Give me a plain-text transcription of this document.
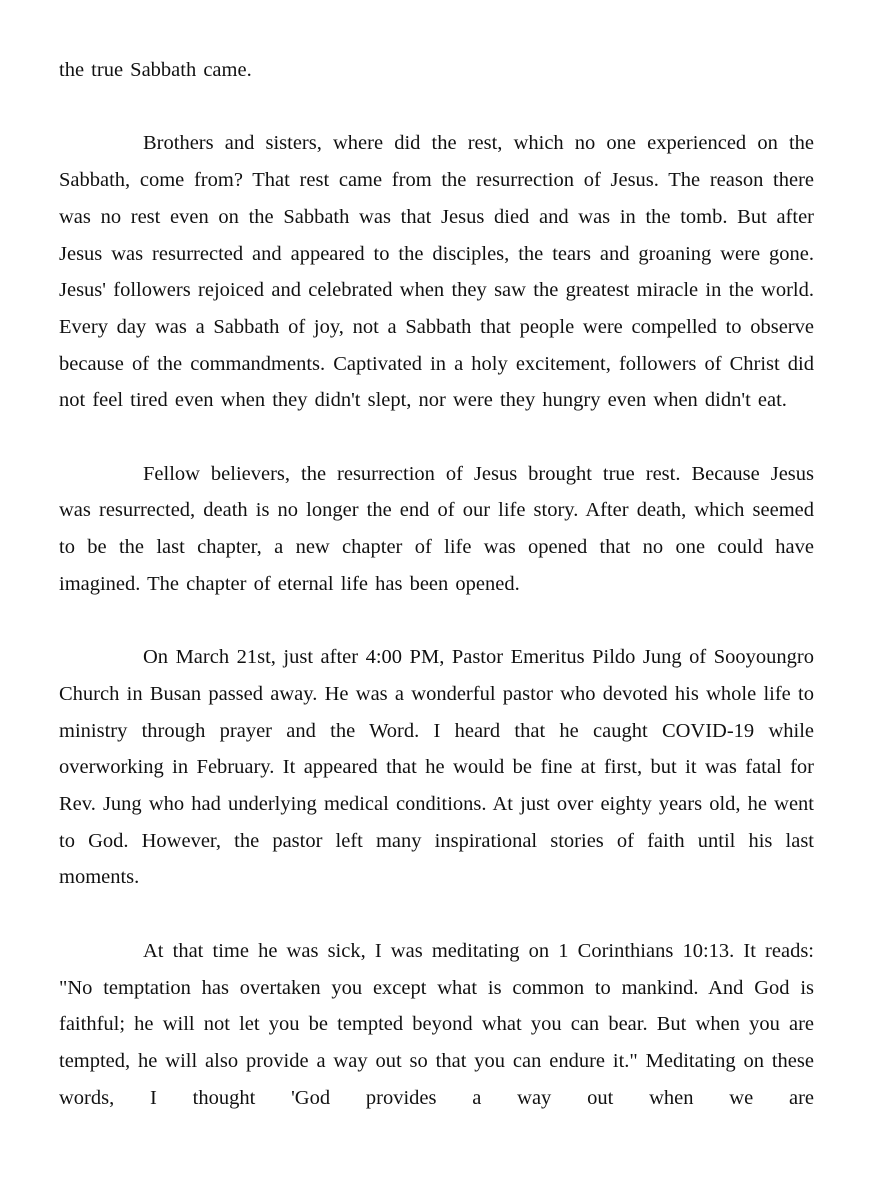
the true Sabbath came.

Brothers and sisters, where did the rest, which no one experienced on the Sabbath, come from? That rest came from the resurrection of Jesus. The reason there was no rest even on the Sabbath was that Jesus died and was in the tomb. But after Jesus was resurrected and appeared to the disciples, the tears and groaning were gone. Jesus' followers rejoiced and celebrated when they saw the greatest miracle in the world. Every day was a Sabbath of joy, not a Sabbath that people were compelled to observe because of the commandments. Captivated in a holy excitement, followers of Christ did not feel tired even when they didn't slept, nor were they hungry even when didn't eat.

Fellow believers, the resurrection of Jesus brought true rest. Because Jesus was resurrected, death is no longer the end of our life story. After death, which seemed to be the last chapter, a new chapter of life was opened that no one could have imagined. The chapter of eternal life has been opened.

On March 21st, just after 4:00 PM, Pastor Emeritus Pildo Jung of Sooyoungro Church in Busan passed away. He was a wonderful pastor who devoted his whole life to ministry through prayer and the Word. I heard that he caught COVID-19 while overworking in February. It appeared that he would be fine at first, but it was fatal for Rev. Jung who had underlying medical conditions. At just over eighty years old, he went to God. However, the pastor left many inspirational stories of faith until his last moments.

At that time he was sick, I was meditating on 1 Corinthians 10:13. It reads: "No temptation has overtaken you except what is common to mankind. And God is faithful; he will not let you be tempted beyond what you can bear. But when you are tempted, he will also provide a way out so that you can endure it." Meditating on these words, I thought 'God provides a way out when we are
